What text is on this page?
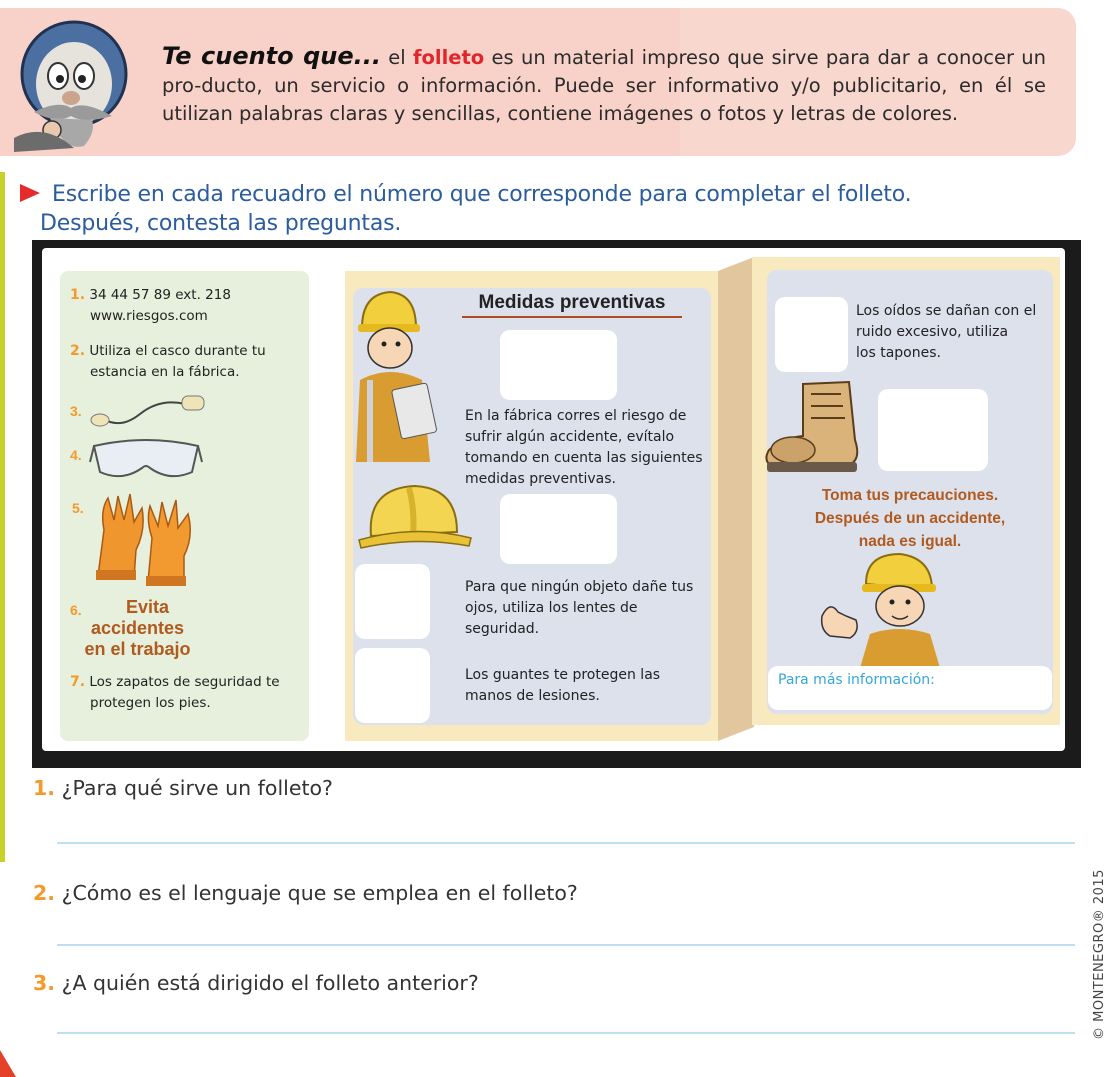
Te cuento que... el folleto es un material impreso que sirve para dar a conocer un pro-ducto, un servicio o información. Puede ser informativo y/o publicitario, en él se utilizan palabras claras y sencillas, contiene imágenes o fotos y letras de colores.
Escribe en cada recuadro el número que corresponde para completar el folleto.
Después, contesta las preguntas.
1. 34 44 57 89 ext. 218
www.riesgos.com
2. Utiliza el casco durante tu
estancia en la fábrica.
3.
4.
5.
6.	Evita
accidentes
en el trabajo
7. Los zapatos de seguridad te
protegen los pies.
Medidas preventivas
En la fábrica corres el riesgo de
sufrir algún accidente, evítalo
tomando en cuenta las siguientes
medidas preventivas.
Para que ningún objeto dañe tus
ojos, utiliza los lentes de
seguridad.
Los guantes te protegen las
manos de lesiones.
Los oídos se dañan con el
ruido excesivo, utiliza
los tapones.
Toma tus precauciones.
Después de un accidente,
nada es igual.
Para más información:
1. ¿Para qué sirve un folleto?
2. ¿Cómo es el lenguaje que se emplea en el folleto?
3. ¿A quién está dirigido el folleto anterior?	© MONTENEGRO® 2015
